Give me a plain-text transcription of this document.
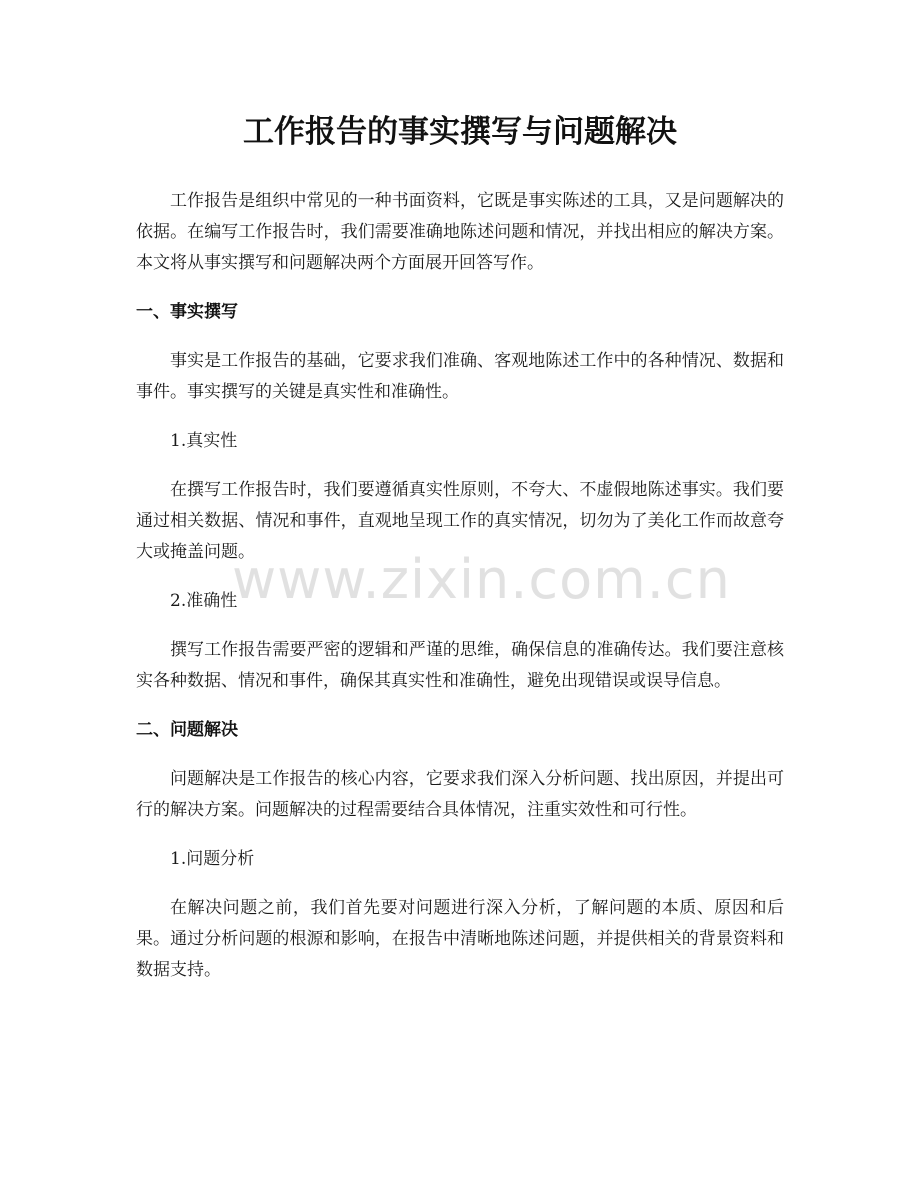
工作报告的事实撰写与问题解决

工作报告是组织中常见的一种书面资料，它既是事实陈述的工具，又是问题解决的依据。在编写工作报告时，我们需要准确地陈述问题和情况，并找出相应的解决方案。本文将从事实撰写和问题解决两个方面展开回答写作。

一、事实撰写

事实是工作报告的基础，它要求我们准确、客观地陈述工作中的各种情况、数据和事件。事实撰写的关键是真实性和准确性。

1.真实性

在撰写工作报告时，我们要遵循真实性原则，不夸大、不虚假地陈述事实。我们要通过相关数据、情况和事件，直观地呈现工作的真实情况，切勿为了美化工作而故意夸大或掩盖问题。

2.准确性

撰写工作报告需要严密的逻辑和严谨的思维，确保信息的准确传达。我们要注意核实各种数据、情况和事件，确保其真实性和准确性，避免出现错误或误导信息。

二、问题解决

问题解决是工作报告的核心内容，它要求我们深入分析问题、找出原因，并提出可行的解决方案。问题解决的过程需要结合具体情况，注重实效性和可行性。

1.问题分析

在解决问题之前，我们首先要对问题进行深入分析，了解问题的本质、原因和后果。通过分析问题的根源和影响，在报告中清晰地陈述问题，并提供相关的背景资料和数据支持。

www.zixin.com.cn
